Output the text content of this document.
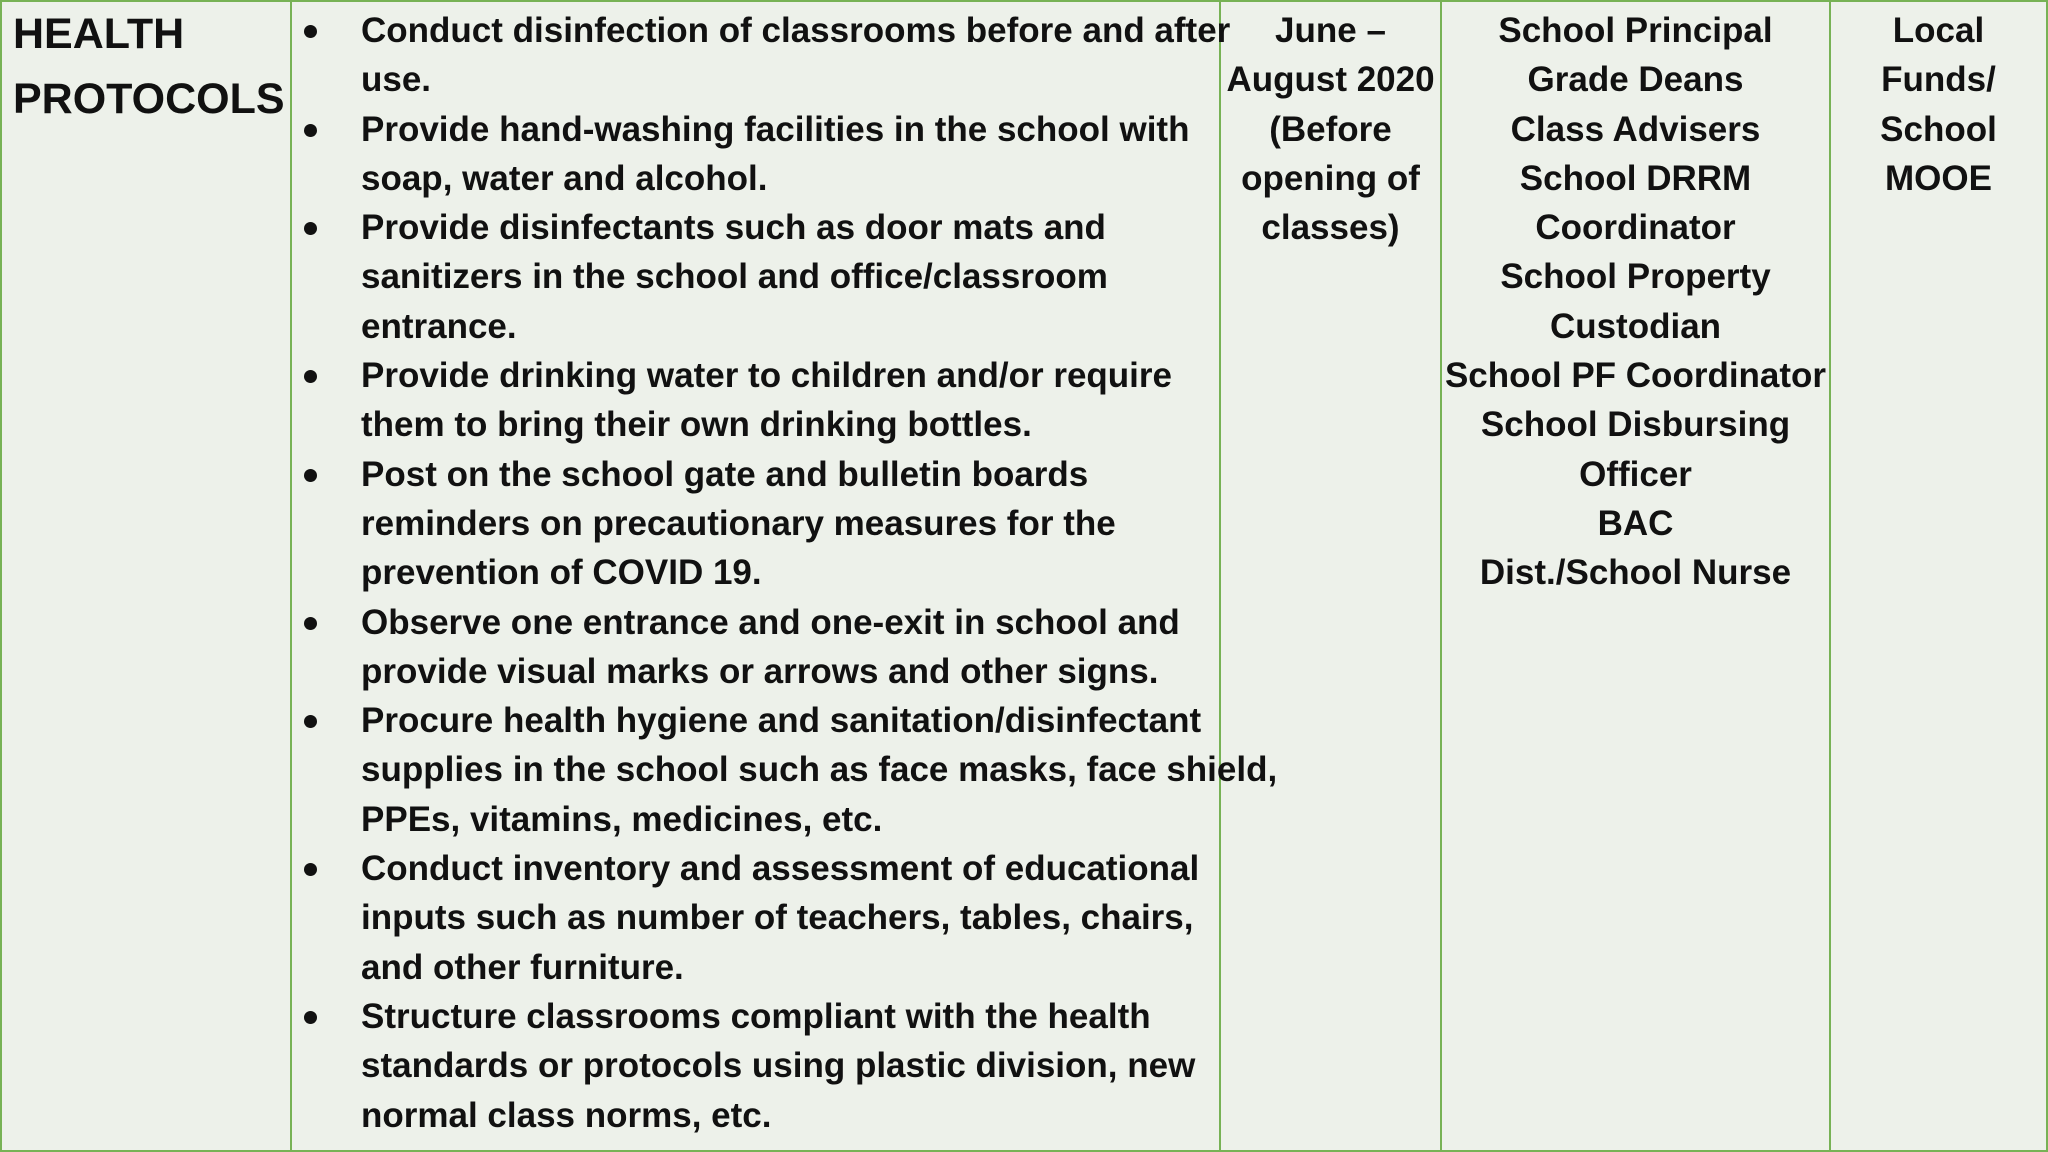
HEALTH
PROTOCOLS
Conduct disinfection of classrooms before and after
use.
Provide hand-washing facilities in the school with
soap, water and alcohol.
Provide disinfectants such as door mats and
sanitizers in the school and office/classroom
entrance.
Provide drinking water to children and/or require
them to bring their own drinking bottles.
Post on the school gate and bulletin boards
reminders on precautionary measures for the
prevention of COVID 19.
Observe one entrance and one-exit in school and
provide visual marks or arrows and other signs.
Procure health hygiene and sanitation/disinfectant
supplies in the school such as face masks, face shield,
PPEs, vitamins, medicines, etc.
Conduct inventory and assessment of educational
inputs such as number of teachers, tables, chairs,
and other furniture.
Structure classrooms compliant with the health
standards or protocols using plastic division, new
normal class norms, etc.
June –
August 2020
(Before
opening of
classes)
School Principal
Grade Deans
Class Advisers
School DRRM
Coordinator
School Property
Custodian
School PF Coordinator
School Disbursing
Officer
BAC
Dist./School Nurse
Local
Funds/
School
MOOE
